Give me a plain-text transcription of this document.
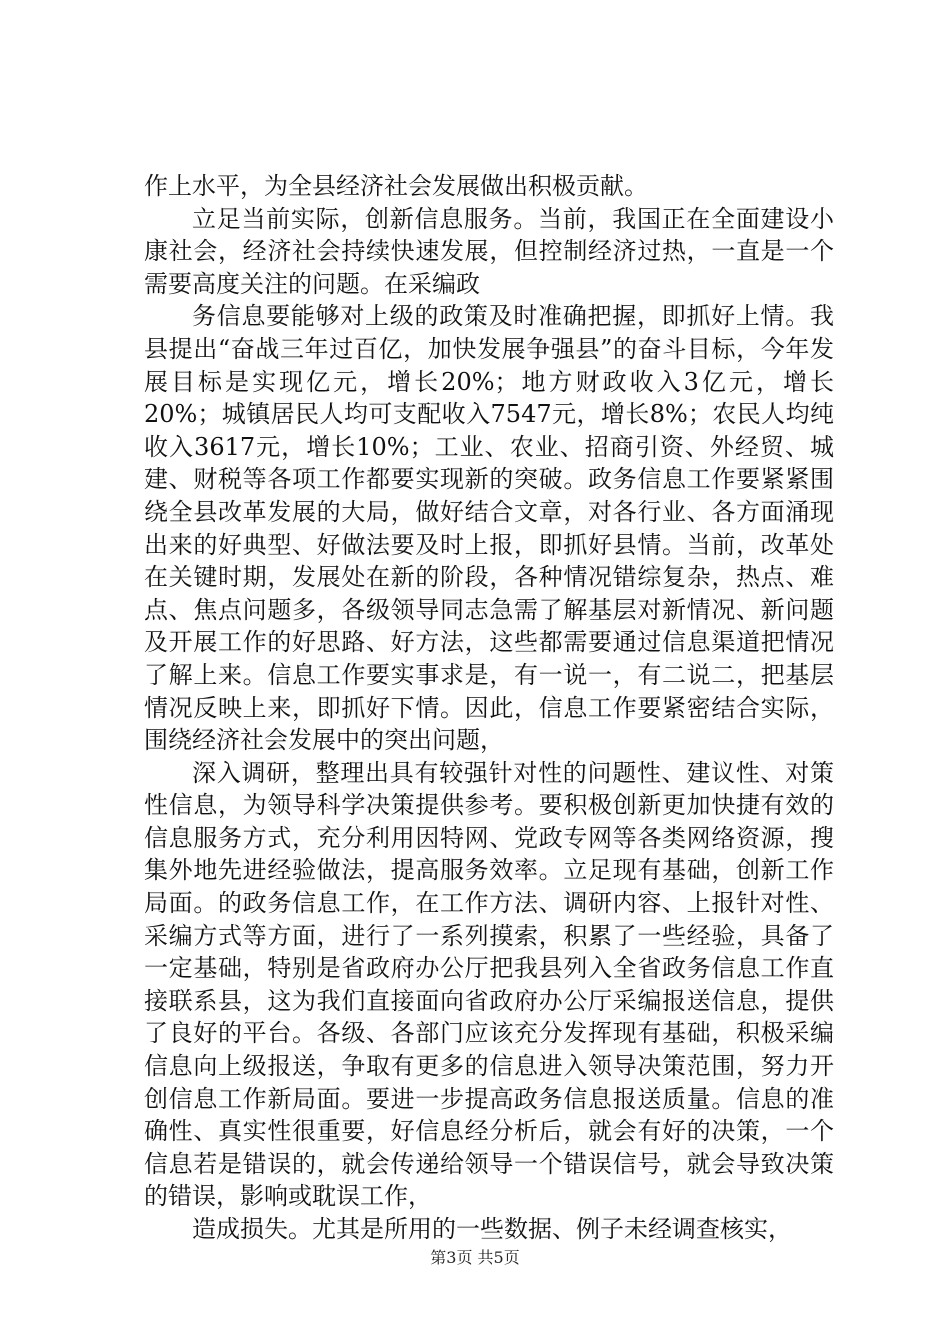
作上水平，为全县经济社会发展做出积极贡献。

立足当前实际，创新信息服务。当前，我国正在全面建设小康社会，经济社会持续快速发展，但控制经济过热，一直是一个需要高度关注的问题。在采编政

务信息要能够对上级的政策及时准确把握，即抓好上情。我县提出“奋战三年过百亿，加快发展争强县”的奋斗目标，今年发展目标是实现亿元，增长20%；地方财政收入3亿元，增长20%；城镇居民人均可支配收入7547元，增长8%；农民人均纯收入3617元，增长10%；工业、农业、招商引资、外经贸、城建、财税等各项工作都要实现新的突破。政务信息工作要紧紧围绕全县改革发展的大局，做好结合文章，对各行业、各方面涌现出来的好典型、好做法要及时上报，即抓好县情。当前，改革处在关键时期，发展处在新的阶段，各种情况错综复杂，热点、难点、焦点问题多，各级领导同志急需了解基层对新情况、新问题及开展工作的好思路、好方法，这些都需要通过信息渠道把情况了解上来。信息工作要实事求是，有一说一，有二说二，把基层情况反映上来，即抓好下情。因此，信息工作要紧密结合实际，围绕经济社会发展中的突出问题，

深入调研，整理出具有较强针对性的问题性、建议性、对策性信息，为领导科学决策提供参考。要积极创新更加快捷有效的信息服务方式，充分利用因特网、党政专网等各类网络资源，搜集外地先进经验做法，提高服务效率。立足现有基础，创新工作局面。的政务信息工作，在工作方法、调研内容、上报针对性、采编方式等方面，进行了一系列摸索，积累了一些经验，具备了一定基础，特别是省政府办公厅把我县列入全省政务信息工作直接联系县，这为我们直接面向省政府办公厅采编报送信息，提供了良好的平台。各级、各部门应该充分发挥现有基础，积极采编信息向上级报送，争取有更多的信息进入领导决策范围，努力开创信息工作新局面。要进一步提高政务信息报送质量。信息的准确性、真实性很重要，好信息经分析后，就会有好的决策，一个信息若是错误的，就会传递给领导一个错误信号，就会导致决策的错误，影响或耽误工作，

造成损失。尤其是所用的一些数据、例子未经调查核实，

第3页 共5页
